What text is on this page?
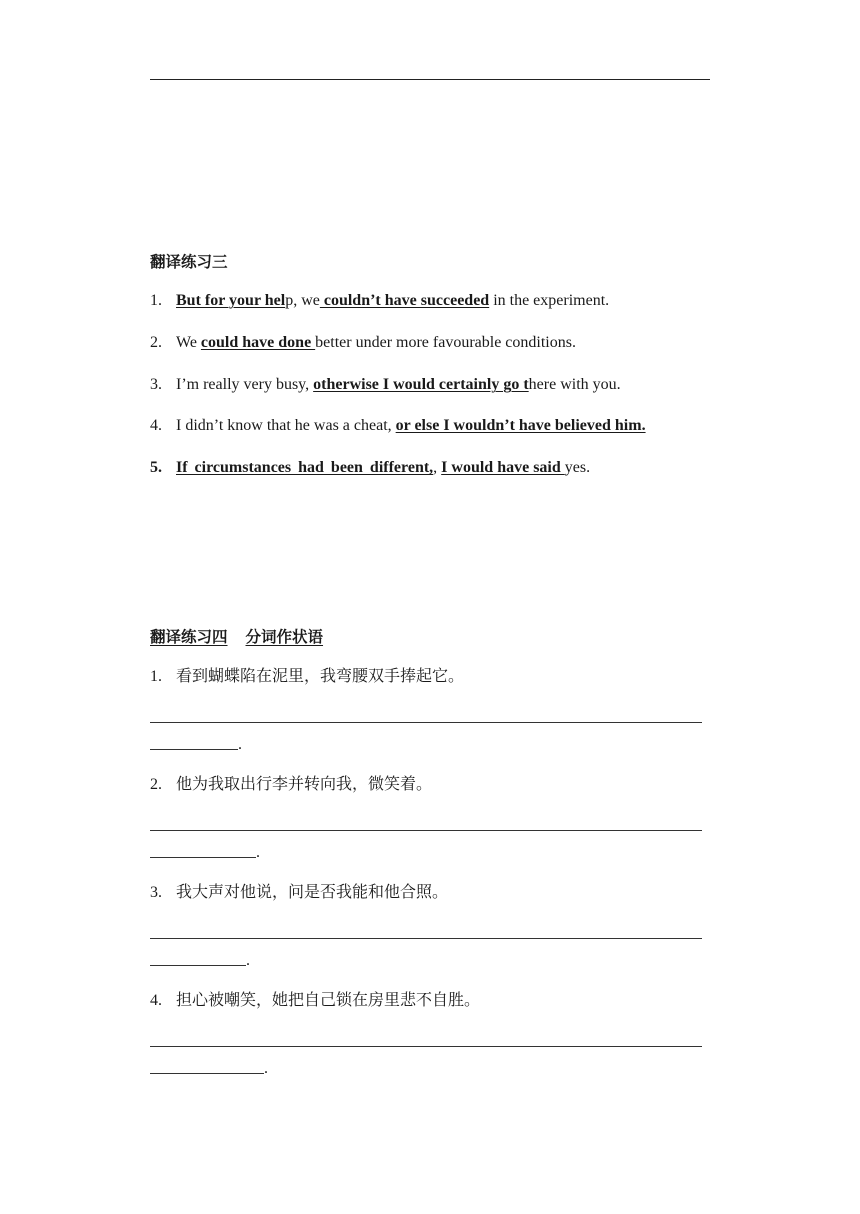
翻译练习三
1. But for your help, we couldn’t have succeeded in the experiment.
2. We could have done better under more favourable conditions.
3. I’m really very busy, otherwise I would certainly go there with you.
4. I didn’t know that he was a cheat, or else I wouldn’t have believed him.
5. If circumstances had been different,, I would have said yes.
翻译练习四 分词作状语
1. 看到蝴蝶陷在泥里，我弯腰双手捧起它。
.
2. 他为我取出行李并转向我，微笑着。
.
3. 我大声对他说，问是否我能和他合照。
.
4. 担心被嘲笑，她把自己锁在房里悲不自胜。
.
